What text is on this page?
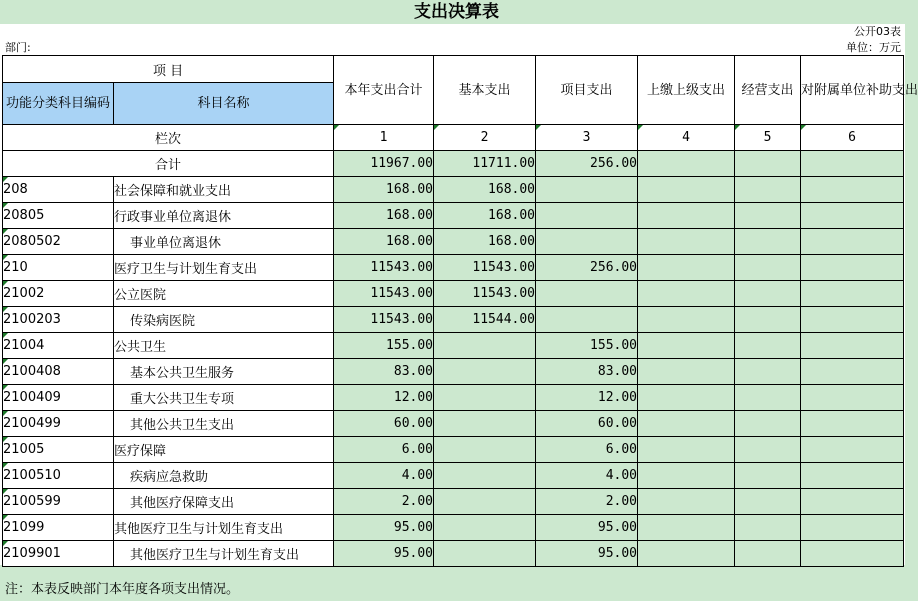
支出决算表
公开03表
部门:	单位：万元
项 目		本年支出合计	基本支出	项目支出	上缴上级支出	经营支出	对附属单位补助支出
功能分类科目编码	科目名称						
栏次		1	2	3	4	5	6
合计		11967.00	11711.00	256.00			
208	社会保障和就业支出	168.00	168.00				
20805	行政事业单位离退休	168.00	168.00				
2080502	事业单位离退休	168.00	168.00				
210	医疗卫生与计划生育支出	11543.00	11543.00	256.00			
21002	公立医院	11543.00	11543.00				
2100203	传染病医院	11543.00	11544.00				
21004	公共卫生	155.00		155.00			
2100408	基本公共卫生服务	83.00		83.00			
2100409	重大公共卫生专项	12.00		12.00			
2100499	其他公共卫生支出	60.00		60.00			
21005	医疗保障	6.00		6.00			
2100510	疾病应急救助	4.00		4.00			
2100599	其他医疗保障支出	2.00		2.00			
21099	其他医疗卫生与计划生育支出	95.00		95.00			
2109901	其他医疗卫生与计划生育支出	95.00		95.00			
注：本表反映部门本年度各项支出情况。
